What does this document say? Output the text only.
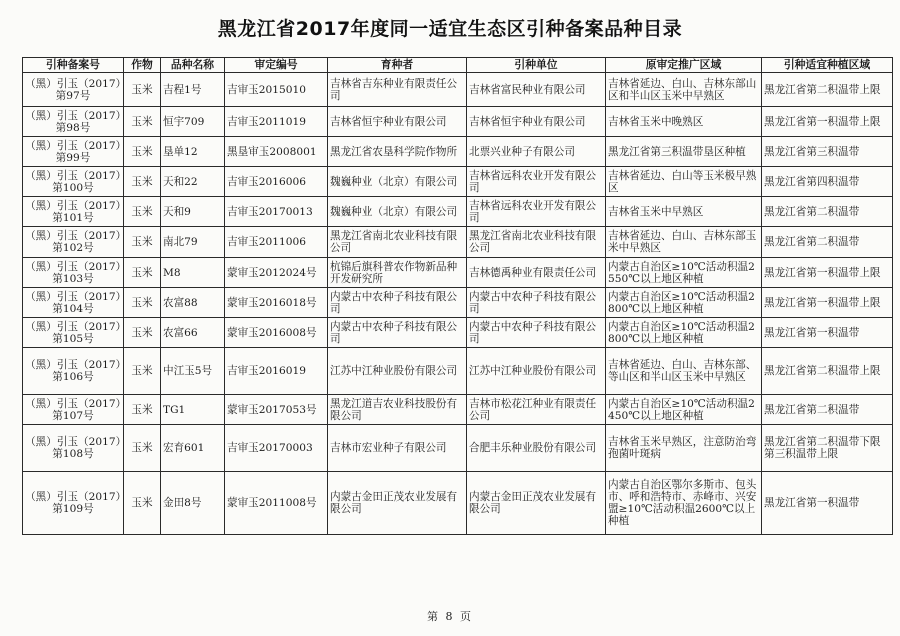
黑龙江省2017年度同一适宜生态区引种备案品种目录
引种备案号	作物	品种名称	审定编号	育种者	引种单位	原审定推广区域	引种适宜种植区域
（黑）引玉（2017）第97号	玉米	吉程1号	吉审玉2015010	吉林省吉东种业有限责任公司	吉林省富民种业有限公司	吉林省延边、白山、吉林东部山区和半山区玉米中早熟区	黑龙江省第二积温带上限
（黑）引玉（2017）第98号	玉米	恒宇709	吉审玉2011019	吉林省恒宇种业有限公司	吉林省恒宇种业有限公司	吉林省玉米中晚熟区	黑龙江省第一积温带上限
（黑）引玉（2017）第99号	玉米	垦单12	黑垦审玉2008001	黑龙江省农垦科学院作物所	北票兴业种子有限公司	黑龙江省第三积温带垦区种植	黑龙江省第三积温带
（黑）引玉（2017）第100号	玉米	天和22	吉审玉2016006	魏巍种业（北京）有限公司	吉林省远科农业开发有限公司	吉林省延边、白山等玉米极早熟区	黑龙江省第四积温带
（黑）引玉（2017）第101号	玉米	天和9	吉审玉20170013	魏巍种业（北京）有限公司	吉林省远科农业开发有限公司	吉林省玉米中早熟区	黑龙江省第二积温带
（黑）引玉（2017）第102号	玉米	南北79	吉审玉2011006	黑龙江省南北农业科技有限公司	黑龙江省南北农业科技有限公司	吉林省延边、白山、吉林东部玉米中早熟区	黑龙江省第二积温带
（黑）引玉（2017）第103号	玉米	M8	蒙审玉2012024号	杭锦后旗科普农作物新品种开发研究所	吉林德禹种业有限责任公司	内蒙古自治区≥10℃活动积温2550℃以上地区种植	黑龙江省第一积温带上限
（黑）引玉（2017）第104号	玉米	农富88	蒙审玉2016018号	内蒙古中农种子科技有限公司	内蒙古中农种子科技有限公司	内蒙古自治区≥10℃活动积温2800℃以上地区种植	黑龙江省第一积温带上限
（黑）引玉（2017）第105号	玉米	农富66	蒙审玉2016008号	内蒙古中农种子科技有限公司	内蒙古中农种子科技有限公司	内蒙古自治区≥10℃活动积温2800℃以上地区种植	黑龙江省第一积温带
（黑）引玉（2017）第106号	玉米	中江玉5号	吉审玉2016019	江苏中江种业股份有限公司	江苏中江种业股份有限公司	吉林省延边、白山、吉林东部、等山区和半山区玉米中早熟区	黑龙江省第二积温带上限
（黑）引玉（2017）第107号	玉米	TG1	蒙审玉2017053号	黑龙江道吉农业科技股份有限公司	吉林市松花江种业有限责任公司	内蒙古自治区≥10℃活动积温2450℃以上地区种植	黑龙江省第二积温带
（黑）引玉（2017）第108号	玉米	宏育601	吉审玉20170003	吉林市宏业种子有限公司	合肥丰乐种业股份有限公司	吉林省玉米早熟区，注意防治弯孢菌叶斑病	黑龙江省第二积温带下限第三积温带上限
（黑）引玉（2017）第109号	玉米	金田8号	蒙审玉2011008号	内蒙古金田正茂农业发展有限公司	内蒙古金田正茂农业发展有限公司	内蒙古自治区鄂尔多斯市、包头市、呼和浩特市、赤峰市、兴安盟≥10℃活动积温2600℃以上种植	黑龙江省第一积温带
第 8 页
